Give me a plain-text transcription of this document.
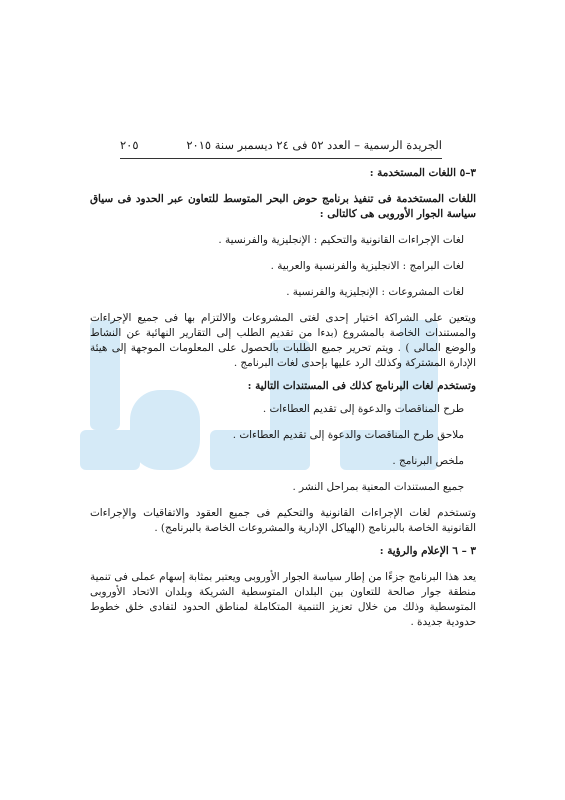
الجريدة الرسمية – العدد ٥٢ فى ٢٤ ديسمبر سنة ٢٠١٥
٢٠٥

٣–٥ اللغات المستخدمة :

اللغات المستخدمة فى تنفيذ برنامج حوض البحر المتوسط للتعاون عبر الحدود فى سياق سياسة الجوار الأوروبى هى كالتالى :

لغات الإجراءات القانونية والتحكيم : الإنجليزية والفرنسية .

لغات البرامج : الانجليزية والفرنسية والعربية .

لغات المشروعات : الإنجليزية والفرنسية .

ويتعين على الشراكة اختيار إحدى لغتى المشروعات والالتزام بها فى جميع الإجراءات والمستندات الخاصة بالمشروع (بدءا من تقديم الطلب إلى التقارير النهائية عن النشاط والوضع المالى ) . ويتم تحرير جميع الطلبات بالحصول على المعلومات الموجهة إلى هيئة الإدارة المشتركة وكذلك الرد عليها بإحدى لغات البرنامج .

وتستخدم لغات البرنامج كذلك فى المستندات التالية :

طرح المناقصات والدعوة إلى تقديم العطاءات .

ملاحق طرح المناقصات والدعوة إلى تقديم العطاءات .

ملخص البرنامج .

جميع المستندات المعنية بمراحل النشر .

وتستخدم لغات الإجراءات القانونية والتحكيم فى جميع العقود والاتفاقيات والإجراءات القانونية الخاصة بالبرنامج (الهياكل الإدارية والمشروعات الخاصة بالبرنامج) .

٣ – ٦ الإعلام والرؤية :

يعد هذا البرنامج جزءًا من إطار سياسة الجوار الأوروبى ويعتبر بمثابة إسهام عملى فى تنمية منطقة جوار صالحة للتعاون بين البلدان المتوسطية الشريكة وبلدان الاتحاد الأوروبى المتوسطية وذلك من خلال تعزيز التنمية المتكاملة لمناطق الحدود لتفادى خلق خطوط حدودية جديدة .
